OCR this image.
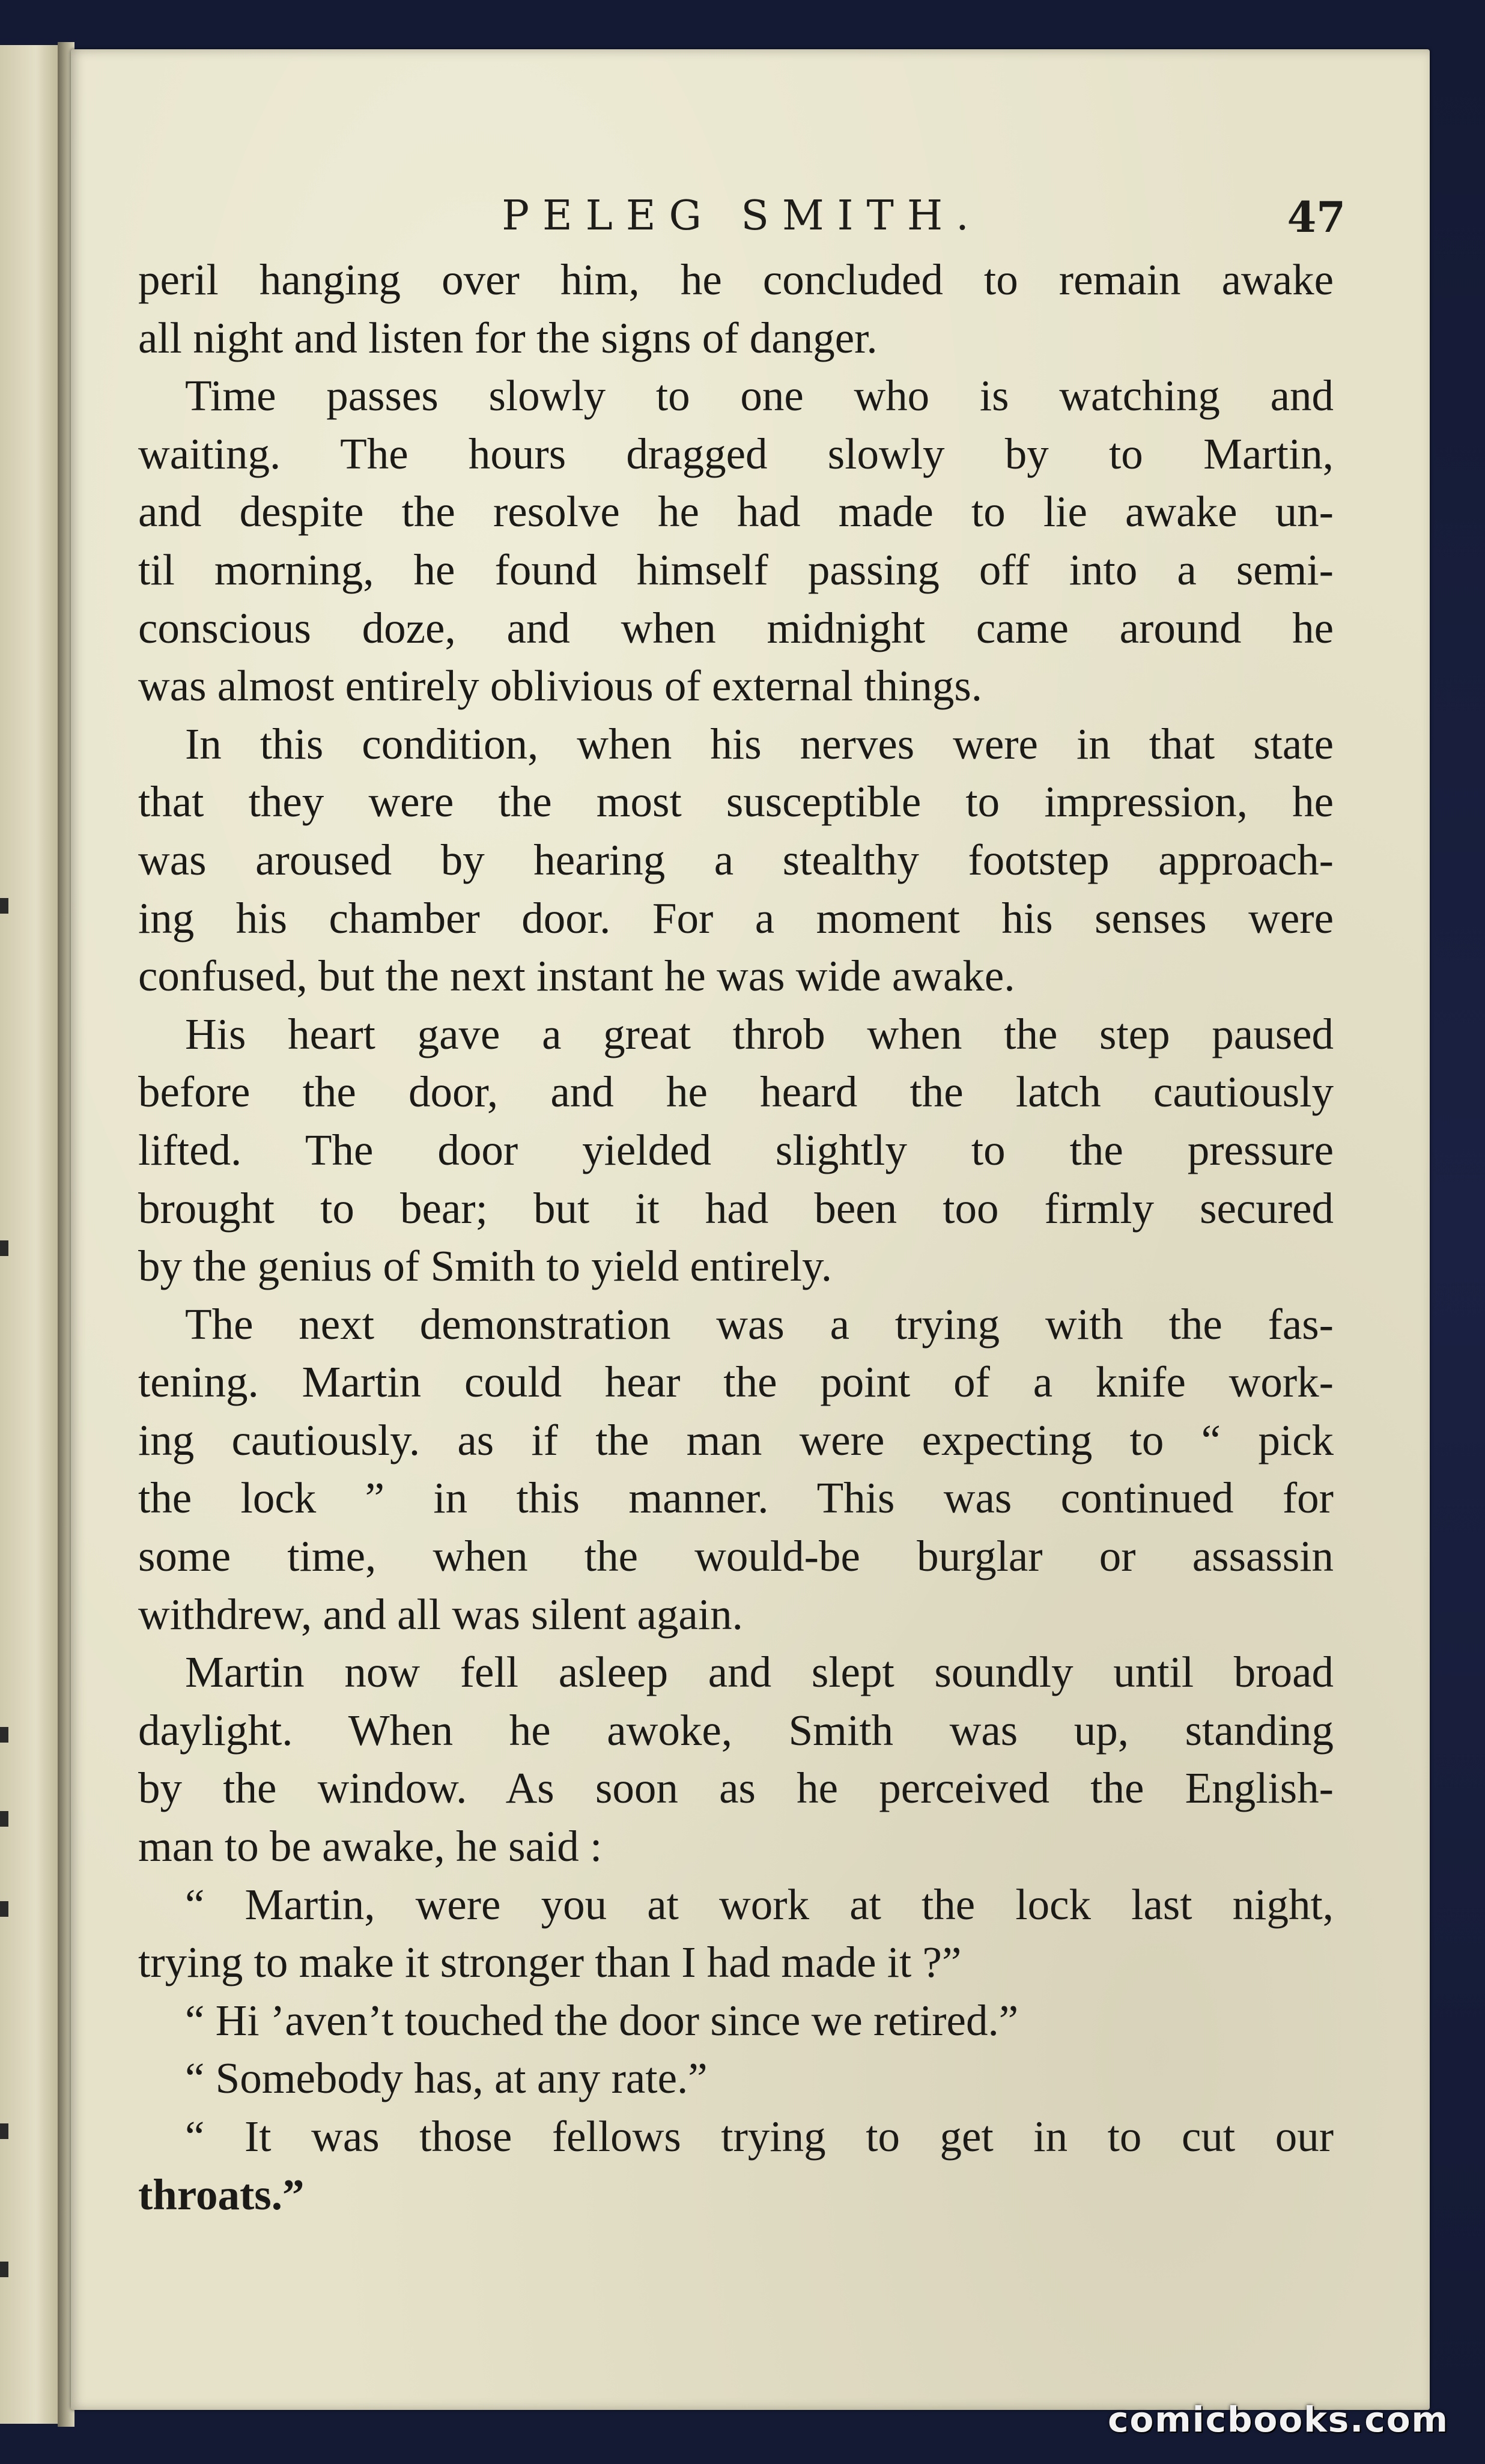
PELEG SMITH.	47
peril hanging over him, he concluded to remain awake
all night and listen for the signs of danger.
Time passes slowly to one who is watching and
waiting. The hours dragged slowly by to Martin,
and despite the resolve he had made to lie awake un-
til morning, he found himself passing off into a semi-
conscious doze, and when midnight came around he
was almost entirely oblivious of external things.
In this condition, when his nerves were in that state
that they were the most susceptible to impression, he
was aroused by hearing a stealthy footstep approach-
ing his chamber door. For a moment his senses were
confused, but the next instant he was wide awake.
His heart gave a great throb when the step paused
before the door, and he heard the latch cautiously
lifted. The door yielded slightly to the pressure
brought to bear; but it had been too firmly secured
by the genius of Smith to yield entirely.
The next demonstration was a trying with the fas-
tening. Martin could hear the point of a knife work-
ing cautiously. as if the man were expecting to “ pick
the lock ” in this manner. This was continued for
some time, when the would-be burglar or assassin
withdrew, and all was silent again.
Martin now fell asleep and slept soundly until broad
daylight. When he awoke, Smith was up, standing
by the window. As soon as he perceived the English-
man to be awake, he said :
“ Martin, were you at work at the lock last night,
trying to make it stronger than I had made it ?”
“ Hi ’aven’t touched the door since we retired.”
“ Somebody has, at any rate.”
“ It was those fellows trying to get in to cut our
throats.”
comicbooks.com
